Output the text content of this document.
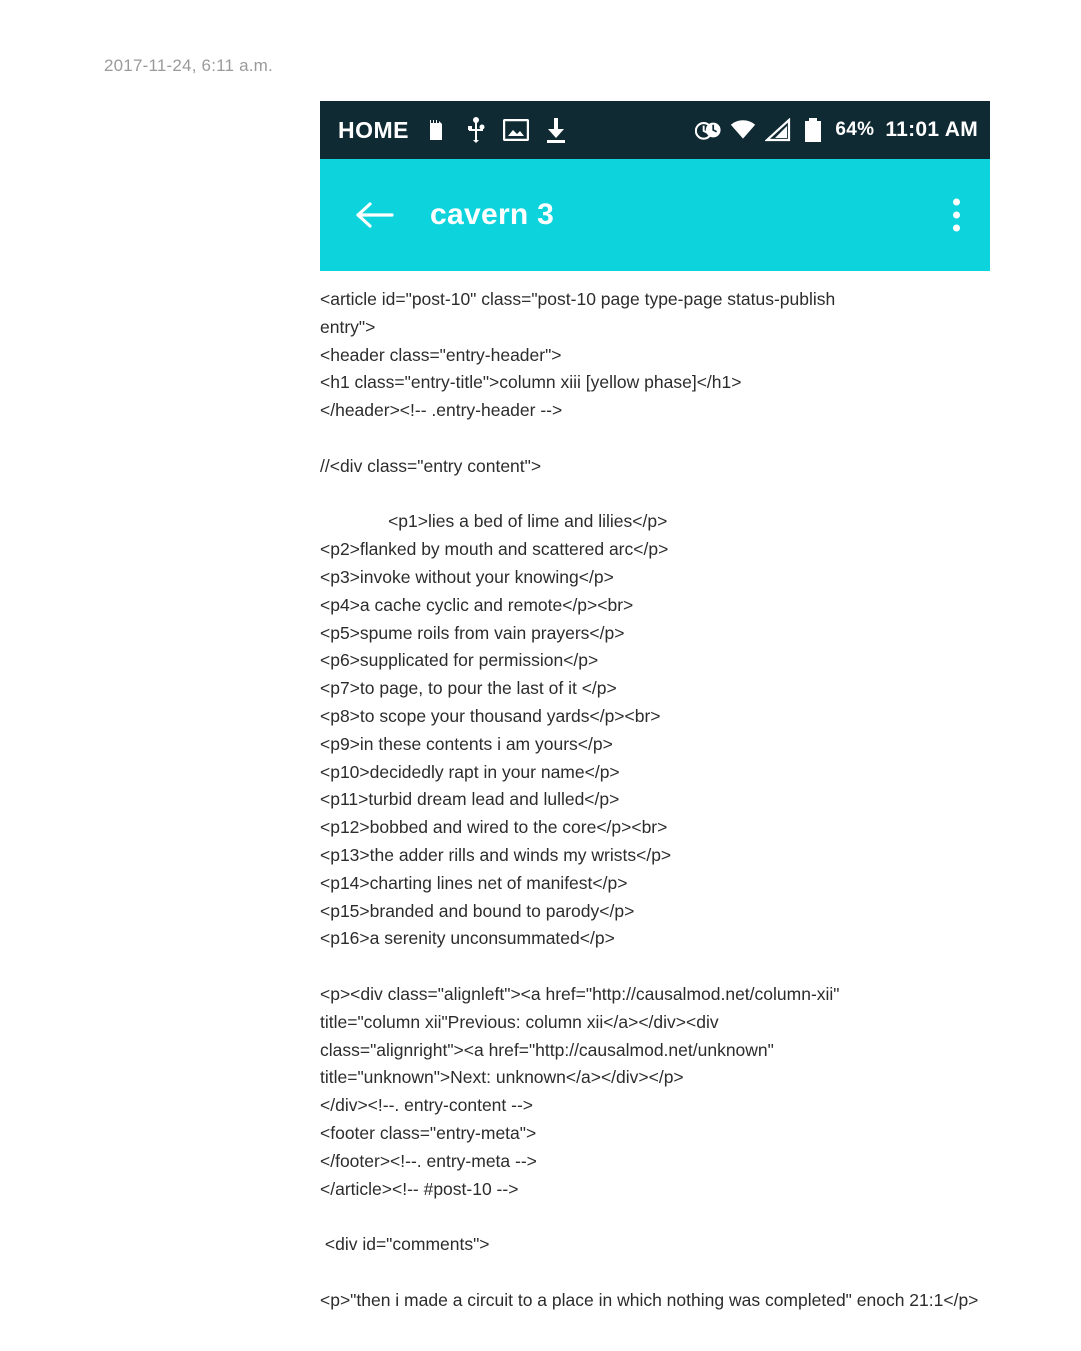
2017-11-24, 6:11 a.m.
HOME	64% 11:01 AM
cavern 3
<article id="post-10" class="post-10 page type-page status-publish
entry">
<header class="entry-header">
<h1 class="entry-title">column xiii [yellow phase]</h1>
</header><!-- .entry-header -->
//<div class="entry content">
<p1>lies a bed of lime and lilies</p>
<p2>flanked by mouth and scattered arc</p>
<p3>invoke without your knowing</p>
<p4>a cache cyclic and remote</p><br>
<p5>spume roils from vain prayers</p>
<p6>supplicated for permission</p>
<p7>to page, to pour the last of it </p>
<p8>to scope your thousand yards</p><br>
<p9>in these contents i am yours</p>
<p10>decidedly rapt in your name</p>
<p11>turbid dream lead and lulled</p>
<p12>bobbed and wired to the core</p><br>
<p13>the adder rills and winds my wrists</p>
<p14>charting lines net of manifest</p>
<p15>branded and bound to parody</p>
<p16>a serenity unconsummated</p>
<p><div class="alignleft"><a href="http://causalmod.net/column-xii"
title="column xii"Previous: column xii</a></div><div
class="alignright"><a href="http://causalmod.net/unknown"
title="unknown">Next: unknown</a></div></p>
</div><!--. entry-content -->
<footer class="entry-meta">
</footer><!--. entry-meta -->
</article><!-- #post-10 -->
<div id="comments">
<p>"then i made a circuit to a place in which nothing was completed" enoch 21:1</p>
